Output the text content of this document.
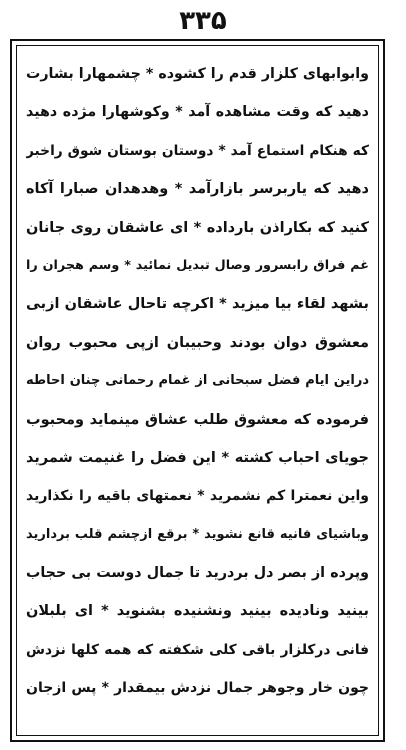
۳۳۵
وابوابهای کلزار قدم را کشوده * چشمهارا بشارت
دهید که وقت مشاهده آمد * وکوشهارا مژده دهید
که هنکام استماع آمد * دوستان بوستان شوق راخبر
دهید که یاربرسر بازارآمد * وهدهدان صبارا آکاه
کنید که بکاراذن بارداده * ای عاشقان روی جانان
غم فراق رابسرور وصال تبدیل نمائید * وسم هجران را
بشهد لقاء بیا میزید * اکرچه تاحال عاشقان ازبی
معشوق دوان بودند وحبیبان ازپی محبوب روان
دراین ایام فضل سبحانی از غمام رحمانی چنان احاطه
فرموده که معشوق طلب عشاق مینماید ومحبوب
جویای احباب کشته * این فضل را غنیمت شمرید
واین نعمترا کم نشمرید * نعمتهای باقیه را نکذارید
وباشیای فانیه قانع نشوید * برقع ازچشم قلب بردارید
وپرده از بصر دل بردرید تا جمال دوست بی حجاب
بینید ونادیده بینید ونشنیده بشنوید * ای بلبلان
فانی درکلزار باقی کلی شکفته که همه کلها نزدش
چون خار وجوهر جمال نزدش بیمقدار * پس ازجان
